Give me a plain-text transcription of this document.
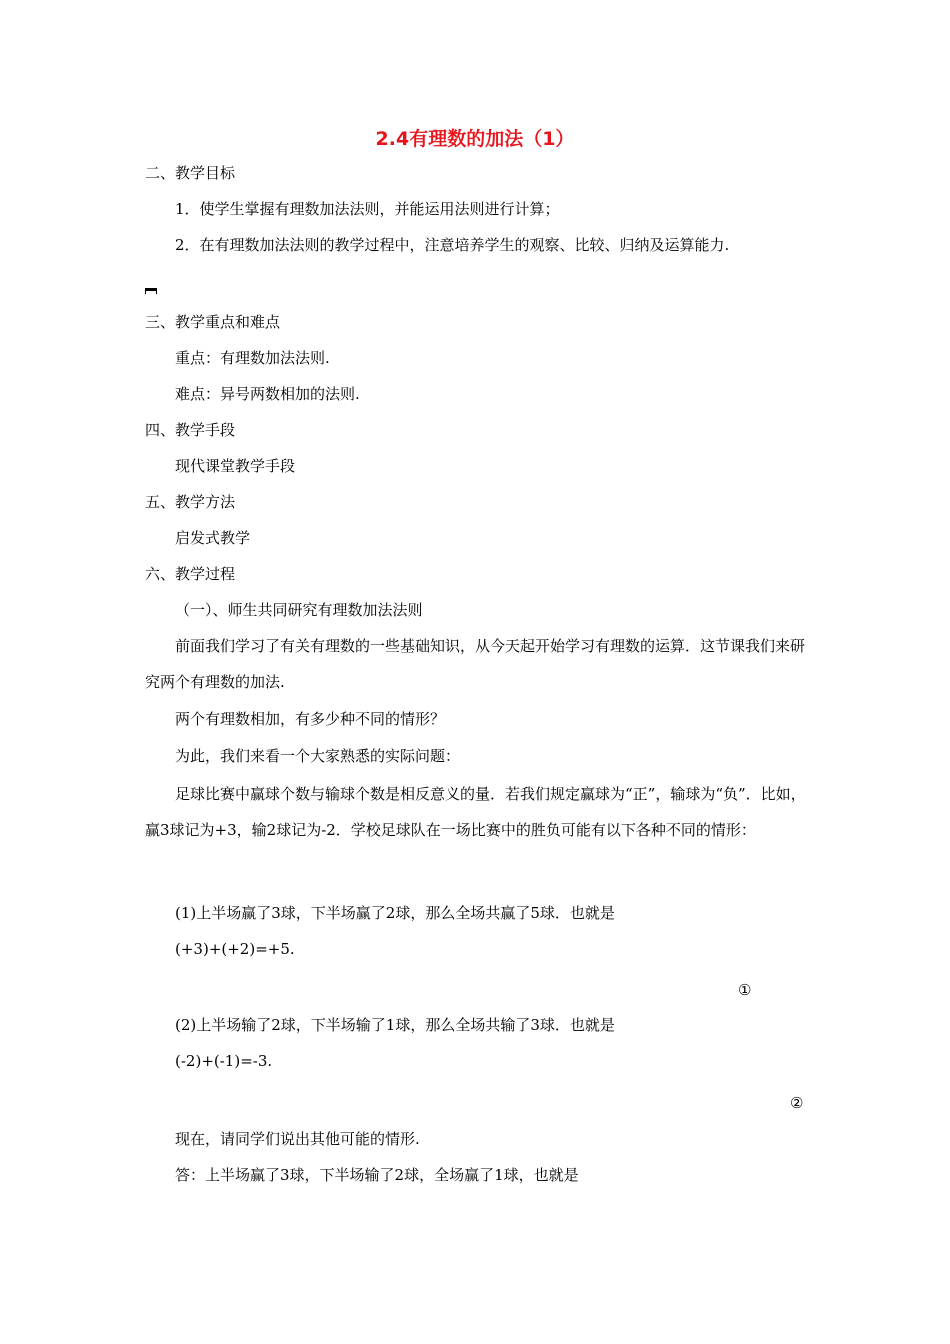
2.4有理数的加法（1）
二、教学目标
1．使学生掌握有理数加法法则，并能运用法则进行计算；
2．在有理数加法法则的教学过程中，注意培养学生的观察、比较、归纳及运算能力.
三、教学重点和难点
重点：有理数加法法则.
难点：异号两数相加的法则.
四、教学手段
现代课堂教学手段
五、教学方法
启发式教学
六、教学过程
（一）、师生共同研究有理数加法法则
前面我们学习了有关有理数的一些基础知识，从今天起开始学习有理数的运算．这节课我们来研究两个有理数的加法.
两个有理数相加，有多少种不同的情形？
为此，我们来看一个大家熟悉的实际问题：
足球比赛中赢球个数与输球个数是相反意义的量．若我们规定赢球为“正”，输球为“负”．比如，赢3球记为+3，输2球记为-2．学校足球队在一场比赛中的胜负可能有以下各种不同的情形：
(1)上半场赢了3球，下半场赢了2球，那么全场共赢了5球．也就是
(+3)+(+2)=+5.
①
(2)上半场输了2球，下半场输了1球，那么全场共输了3球．也就是
(-2)+(-1)=-3.
②
现在，请同学们说出其他可能的情形.
答：上半场赢了3球，下半场输了2球，全场赢了1球，也就是
